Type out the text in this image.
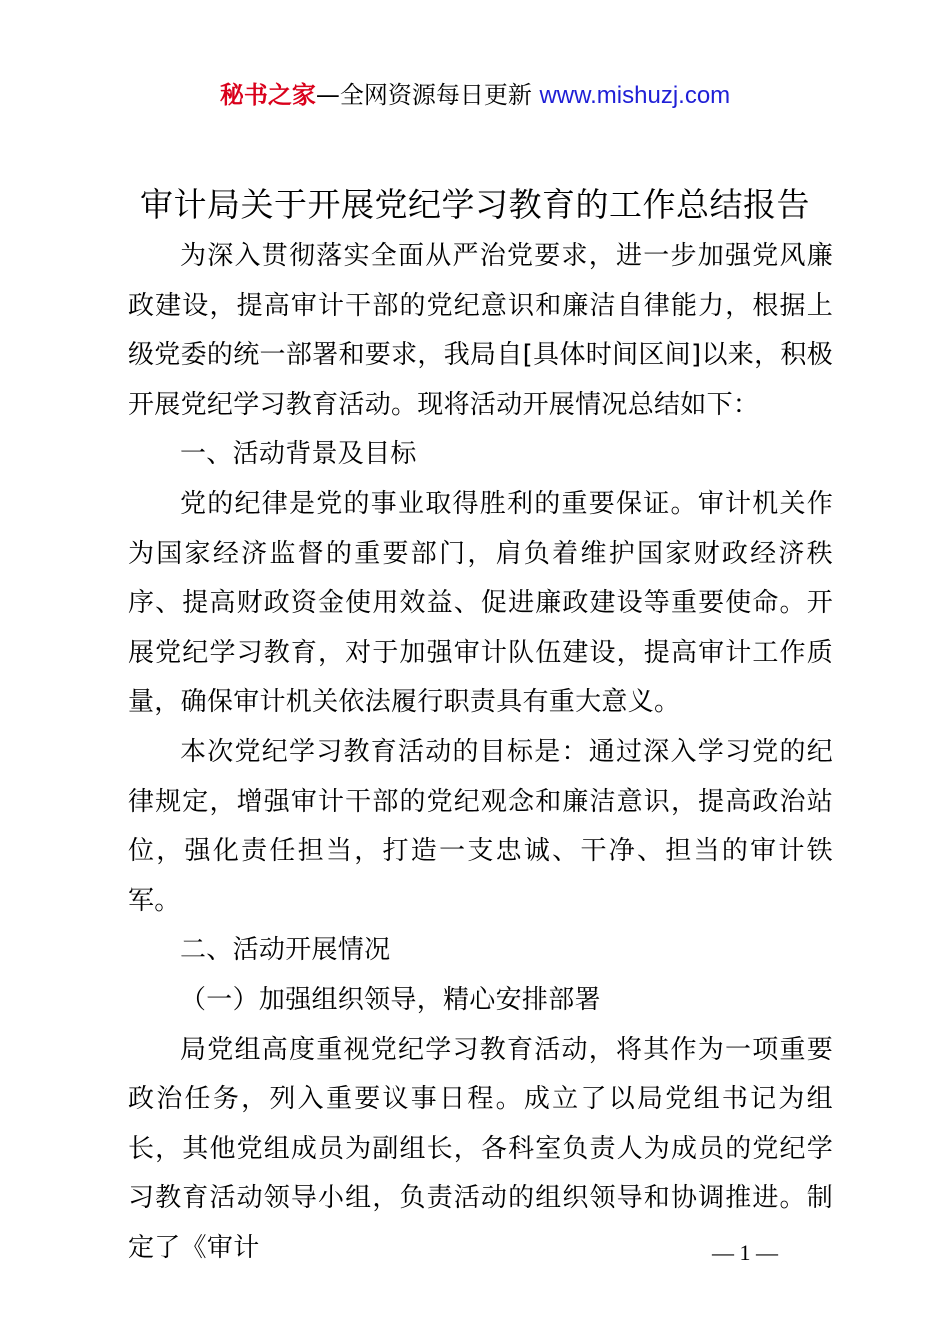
秘书之家—全网资源每日更新 www.mishuzj.com
审计局关于开展党纪学习教育的工作总结报告

为深入贯彻落实全面从严治党要求，进一步加强党风廉政建设，提高审计干部的党纪意识和廉洁自律能力，根据上级党委的统一部署和要求，我局自[具体时间区间]以来，积极开展党纪学习教育活动。现将活动开展情况总结如下：

一、活动背景及目标

党的纪律是党的事业取得胜利的重要保证。审计机关作为国家经济监督的重要部门，肩负着维护国家财政经济秩序、提高财政资金使用效益、促进廉政建设等重要使命。开展党纪学习教育，对于加强审计队伍建设，提高审计工作质量，确保审计机关依法履行职责具有重大意义。

本次党纪学习教育活动的目标是：通过深入学习党的纪律规定，增强审计干部的党纪观念和廉洁意识，提高政治站位，强化责任担当，打造一支忠诚、干净、担当的审计铁军。

二、活动开展情况

（一）加强组织领导，精心安排部署

局党组高度重视党纪学习教育活动，将其作为一项重要政治任务，列入重要议事日程。成立了以局党组书记为组长，其他党组成员为副组长，各科室负责人为成员的党纪学习教育活动领导小组，负责活动的组织领导和协调推进。制定了《审计	— 1 —
